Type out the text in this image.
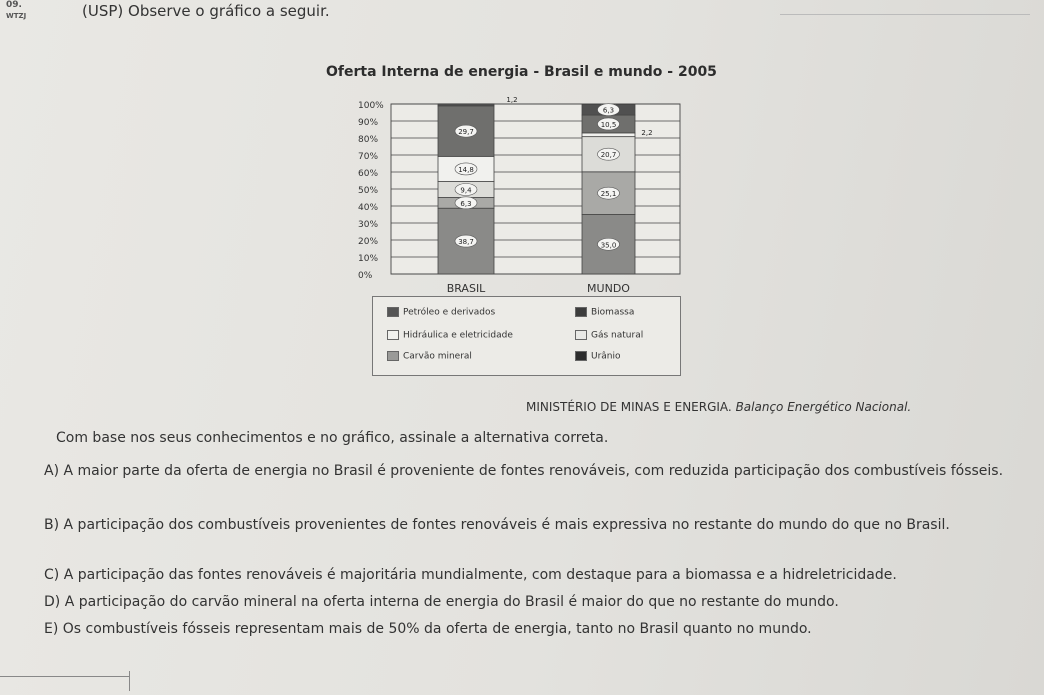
09.
WTZJ	(USP) Observe o gráfico a seguir.
Oferta Interna de energia - Brasil e mundo - 2005
0%
10%
20%
30%
40%
50%
60%
70%
80%
90%
100%
38,7
6,3
9,4
14,8
29,7
1,2
35,0
25,1
20,7
2,2
10,5
6,3
BRASIL	MUNDO
Petróleo e derivados	Biomassa
Hidráulica e eletricidade	Gás natural
Carvão mineral	Urânio
MINISTÉRIO DE MINAS E ENERGIA. Balanço Energético Nacional.
Com base nos seus conhecimentos e no gráfico, assinale a alternativa correta.
A) A maior parte da oferta de energia no Brasil é proveniente de fontes renováveis, com reduzida participação dos combustíveis fósseis.
B) A participação dos combustíveis provenientes de fontes renováveis é mais expressiva no restante do mundo do que no Brasil.
C) A participação das fontes renováveis é majoritária mundialmente, com destaque para a biomassa e a hidreletricidade.
D) A participação do carvão mineral na oferta interna de energia do Brasil é maior do que no restante do mundo.
E) Os combustíveis fósseis representam mais de 50% da oferta de energia, tanto no Brasil quanto no mundo.
